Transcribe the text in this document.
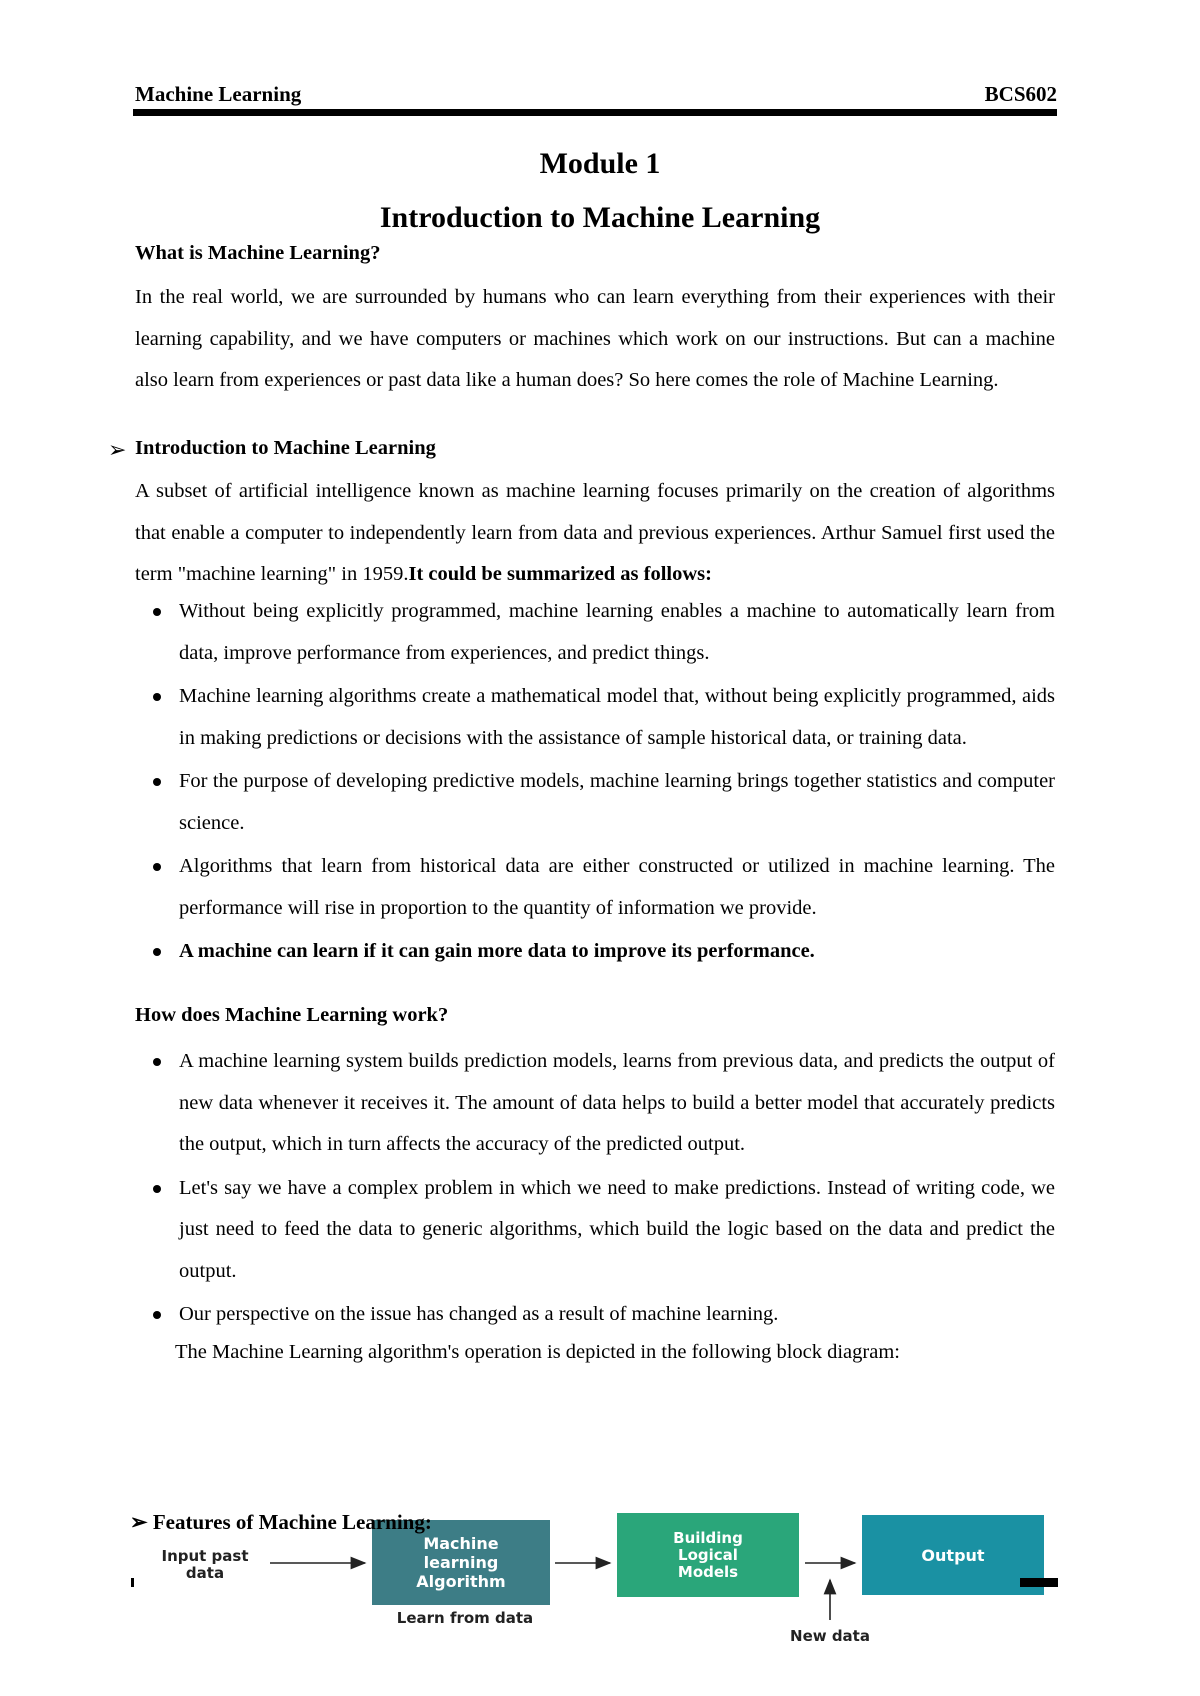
Machine Learning	BCS602
Module 1
Introduction to Machine Learning
What is Machine Learning?
In the real world, we are surrounded by humans who can learn everything from their experiences with their learning capability, and we have computers or machines which work on our instructions. But can a machine also learn from experiences or past data like a human does? So here comes the role of Machine Learning.
➢ Introduction to Machine Learning
A subset of artificial intelligence known as machine learning focuses primarily on the creation of algorithms that enable a computer to independently learn from data and previous experiences. Arthur Samuel first used the term "machine learning" in 1959.It could be summarized as follows:
Without being explicitly programmed, machine learning enables a machine to automatically learn from data, improve performance from experiences, and predict things.
Machine learning algorithms create a mathematical model that, without being explicitly programmed, aids in making predictions or decisions with the assistance of sample historical data, or training data.
For the purpose of developing predictive models, machine learning brings together statistics and computer science.
Algorithms that learn from historical data are either constructed or utilized in machine learning. The performance will rise in proportion to the quantity of information we provide.
A machine can learn if it can gain more data to improve its performance.
How does Machine Learning work?
A machine learning system builds prediction models, learns from previous data, and predicts the output of new data whenever it receives it. The amount of data helps to build a better model that accurately predicts the output, which in turn affects the accuracy of the predicted output.
Let's say we have a complex problem in which we need to make predictions. Instead of writing code, we just need to feed the data to generic algorithms, which build the logic based on the data and predict the output.
Our perspective on the issue has changed as a result of machine learning.
The Machine Learning algorithm's operation is depicted in the following block diagram:
Input past data
Machine learning Algorithm
Learn from data
Building Logical Models
New data
Output
➢ Features of Machine Learning:
